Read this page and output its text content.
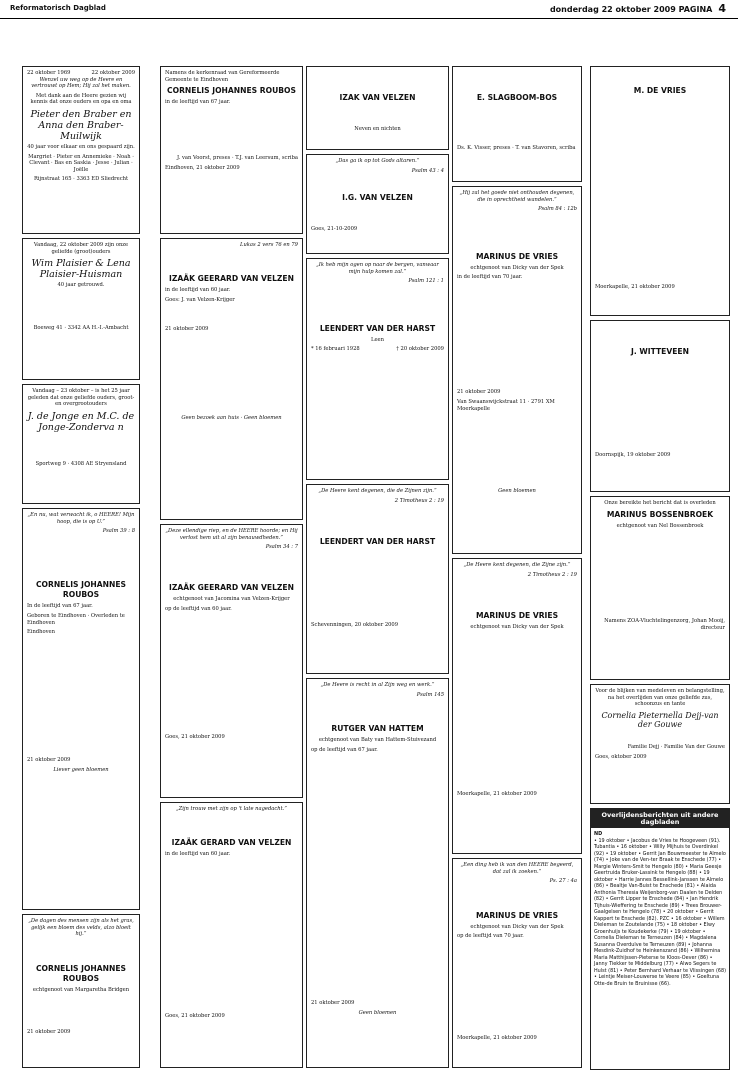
Reformatorisch Dagblad	donderdag 22 oktober 2009 PAGINA 4
22 oktober 1969	22 oktober 2009

Wenzel uw weg op de Heere en vertrouwt op Hem; Hij zal het maken.

Met dank aan de Heere gezien wij kennis dat onze ouders en opa en oma

Pieter den Braber en Anna den Braber-Muilwijk

40 jaar voor elkaar en ons gespaard zijn.

Margriet · Pieter en Annemieke · Noah · Clevant · Bas en Saskia · Jesse · Julian · Joëlle

Rijnstraat 165 · 3363 ED Sliedrecht

Vandaag, 22 oktober 2009 zijn onze geliefde (groot)ouders

Wim Plaisier & Lena Plaisier-Huisman

40 jaar getrouwd.

Boeweg 41 · 3342 AA H.-I.-Ambacht

Vandaag – 23 oktober – is het 25 jaar geleden dat onze geliefde ouders, groot- en overgrootouders

J. de Jonge en M.C. de Jonge-Zonderva n

Sportweg 9 · 4308 AE Stryensland

„En nu, wat verwacht ik, o HEERE! Mijn hoop, die is op U.”

Psalm 39 : 8

CORNELIS JOHANNES ROUBOS

In de leeftijd van 67 jaar.

Geboren te Eindhoven · Overleden te Eindhoven

Eindhoven

21 oktober 2009

Liever geen bloemen

„De dagen des mensen zijn als het gras, gelijk een bloem des velds, alzo bloeit hij.”

CORNELIS JOHANNES ROUBOS

echtgenoot van Margaretha Bridgen

21 oktober 2009

Namens de kerkenraad van Gereformeerde Gemeente te Eindhoven

CORNELIS JOHANNES ROUBOS

in de leeftijd van 67 jaar.

J. van Voorst, preses · T.J. van Leersum, scriba

Eindhoven, 21 oktober 2009

Lukas 2 vers 76 en 79

IZAÄK GEERARD VAN VELZEN

in de leeftijd van 60 jaar.

Goes: J. van Velzen-Krijger

21 oktober 2009

Geen bezoek aan huis · Geen bloemen

„Deze ellendige riep, en de HEERE hoorde; en Hij verlost hem uit al zijn benauwdheden.”

Psalm 34 : 7

IZAÄK GEERARD VAN VELZEN

echtgenoot van Jacomina van Velzen-Krijger

op de leeftijd van 60 jaar.

Goes, 21 oktober 2009

„Zijn trouw met zijn op 't late nagedacht.”

IZAÄK GERARD VAN VELZEN

in de leeftijd van 60 jaar.

Goes, 21 oktober 2009

IZAK VAN VELZEN

Neven en nichten

„Das ga ik op tot Gods altaren.”

Psalm 43 : 4

I.G. VAN VELZEN

Goes, 21-10-2009

„Ik heb mijn ogen op naar de bergen, vanwaar mijn hulp komen zal.”

Psalm 121 : 1

LEENDERT VAN DER HARST

Leen

* 16 februari 1928	† 20 oktober 2009

„De Heere kent degenen, die de Zijnen zijn.”

2 Timotheus 2 : 19

LEENDERT VAN DER HARST

Schevenningen, 20 oktober 2009

„De Heere is recht in al Zijn weg en werk.”

Psalm 145

RUTGER VAN HATTEM

echtgenoot van Baty van Hattem-Stuivezand

op de leeftijd van 67 jaar.

21 oktober 2009

Geen bloemen

E. SLAGBOOM-BOS

Ds. K. Visser, preses · T. van Stavoren, scriba

„Hij zal het goede niet onthouden degenen, die in oprechtheid wandelen.”

Psalm 84 : 12b

MARINUS DE VRIES

echtgenoot van Dicky van der Spek

in de leeftijd van 70 jaar.

21 oktober 2009

Van Swaanswijckstraat 11 · 2791 XM Moerkapelle

Geen bloemen

„De Heere kent degenen, die Zijne zijn.”

2 Timotheus 2 : 19

MARINUS DE VRIES

echtgenoot van Dicky van der Spek

Moerkapelle, 21 oktober 2009

„Een ding heb ik van den HEERE begeerd, dat zal ik zoeken.”

Ps. 27 : 4a

MARINUS DE VRIES

echtgenoot van Dicky van der Spek

op de leeftijd van 70 jaar.

Moerkapelle, 21 oktober 2009

M. DE VRIES

Moerkapelle, 21 oktober 2009

J. WITTEVEEN

Doornspijk, 19 oktober 2009

Onze bereikte het bericht dat is overleden

MARINUS BOSSENBROEK

echtgenoot van Nel Bossenbroek

Namens ZOA-Vluchtelingenzorg, Johan Mooij, directeur

Voor de blijken van medeleven en belangstelling, na het overlijden van onze geliefde zus, schoonzus en tante

Cornelia Pieternella Dejj-van der Gouwe

Familie Dejj · Familie Van der Gouwe

Goes, oktober 2009

Overlijdensberichten uit andere dagbladen
ND
• 19 oktober • Jacobus de Vries te Hoogeveen (91). Tubantia • 16 oktober • Willy Mijhuis te Overdinkel (92) • 19 oktober • Gerrit Jan Bouwmeester te Almelo (74) • Joke van de Ven-ter Braak te Enschede (77) • Margie Winters-Smit te Hengelo (80) • Maria Geesje Geertruida Bruker-Lassink te Hengelo (88) • 19 oktober • Harrie Jannes Bessellink-Janssen te Almelo (86) • Bealtje Van-Buist te Enschede (81) • Alaida Anthonia Theresia Weijenborg-van Daalen te Delden (82) • Gerrit Lipper te Enschede (84) • Jan Hendrik Tijhuis-Wieffering te Enschede (89) • Trees Brouwer-Gaalgelsen te Hengelo (78) • 20 oktober • Gerrit Kappert te Enschede (82). PZC • 16 oktober • Willem Dieleman te Zoutelande (75) • 18 oktober • Elwy Groenhuijs te Koudekerke (79) • 19 oktober • Cornelia Dieleman te Terneuzen (84) • Magdalena Susanna Overdulve te Terneuzen (89) • Johanna Mesdink-Zuidhof te Heinkenszand (86) • Wilhemina Maria Matthijssen-Pieterse te Kloos-Oever (86) • Janny Tiekker te Middelburg (77) • Alwo Segers te Hulst (81) • Peter Bernhard Verhaar te Vlissingen (68) • Leintje Meiser-Louwerse te Veere (85) • Goeltuna Otte-de Bruin te Bruinisse (66).
